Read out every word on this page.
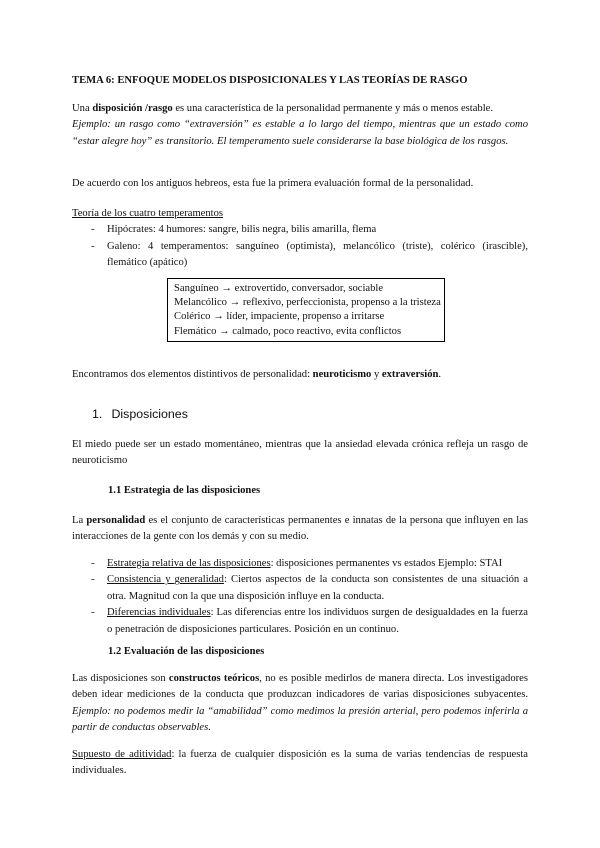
TEMA 6: ENFOQUE MODELOS DISPOSICIONALES Y LAS TEORÍAS DE RASGO
Una disposición /rasgo es una característica de la personalidad permanente y más o menos estable.
Ejemplo: un rasgo como “extraversión” es estable a lo largo del tiempo, mientras que un estado como “estar alegre hoy” es transitorio. El temperamento suele considerarse la base biológica de los rasgos.
De acuerdo con los antiguos hebreos, esta fue la primera evaluación formal de la personalidad.
Teoría de los cuatro temperamentos
- Hipócrates: 4 humores: sangre, bilis negra, bilis amarilla, flema
- Galeno: 4 temperamentos: sanguíneo (optimista), melancólico (triste), colérico (irascible), flemático (apático)
Sanguíneo → extrovertido, conversador, sociable
Melancólico → reflexivo, perfeccionista, propenso a la tristeza
Colérico → líder, impaciente, propenso a irritarse
Flemático → calmado, poco reactivo, evita conflictos
Encontramos dos elementos distintivos de personalidad: neuroticismo y extraversión.
1. Disposiciones
El miedo puede ser un estado momentáneo, mientras que la ansiedad elevada crónica refleja un rasgo de neuroticismo
1.1 Estrategia de las disposiciones
La personalidad es el conjunto de características permanentes e innatas de la persona que influyen en las interacciones de la gente con los demás y con su medio.
- Estrategia relativa de las disposiciones: disposiciones permanentes vs estados Ejemplo: STAI
- Consistencia y generalidad: Ciertos aspectos de la conducta son consistentes de una situación a otra. Magnitud con la que una disposición influye en la conducta.
- Diferencias individuales: Las diferencias entre los individuos surgen de desigualdades en la fuerza o penetración de disposiciones particulares. Posición en un continuo.
1.2 Evaluación de las disposiciones
Las disposiciones son constructos teóricos, no es posible medirlos de manera directa. Los investigadores deben idear mediciones de la conducta que produzcan indicadores de varias disposiciones subyacentes. Ejemplo: no podemos medir la “amabilidad” como medimos la presión arterial, pero podemos inferirla a partir de conductas observables.
Supuesto de aditividad: la fuerza de cualquier disposición es la suma de varias tendencias de respuesta individuales.
